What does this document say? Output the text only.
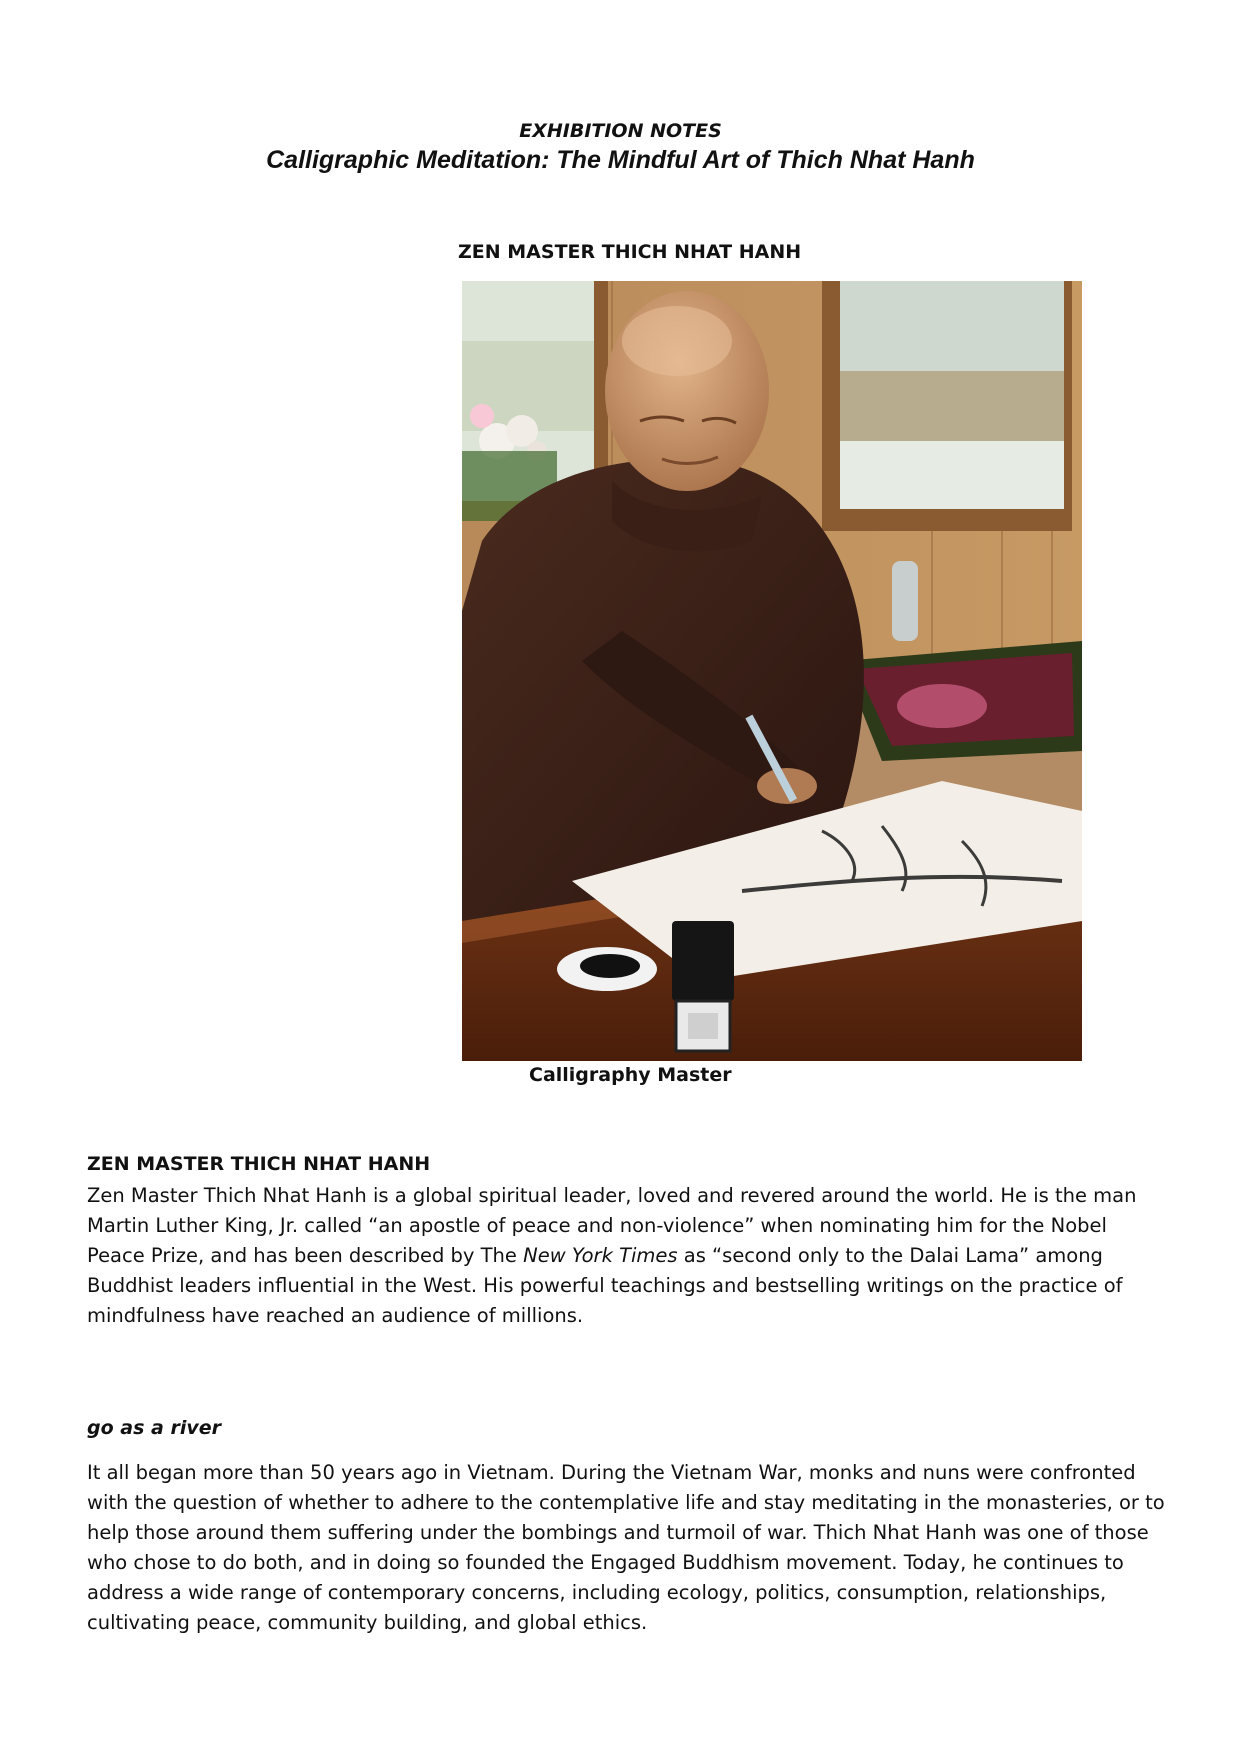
EXHIBITION NOTES
Calligraphic Meditation: The Mindful Art of Thich Nhat Hanh
ZEN MASTER THICH NHAT HANH
Calligraphy Master
ZEN MASTER THICH NHAT HANH
Zen Master Thich Nhat Hanh is a global spiritual leader, loved and revered around the world. He is the man Martin Luther King, Jr. called “an apostle of peace and non-violence” when nominating him for the Nobel Peace Prize, and has been described by The New York Times as “second only to the Dalai Lama” among Buddhist leaders influential in the West. His powerful teachings and bestselling writings on the practice of mindfulness have reached an audience of millions.
go as a river
It all began more than 50 years ago in Vietnam. During the Vietnam War, monks and nuns were confronted with the question of whether to adhere to the contemplative life and stay meditating in the monasteries, or to help those around them suffering under the bombings and turmoil of war. Thich Nhat Hanh was one of those who chose to do both, and in doing so founded the Engaged Buddhism movement. Today, he continues to address a wide range of contemporary concerns, including ecology, politics, consumption, relationships, cultivating peace, community building, and global ethics.
